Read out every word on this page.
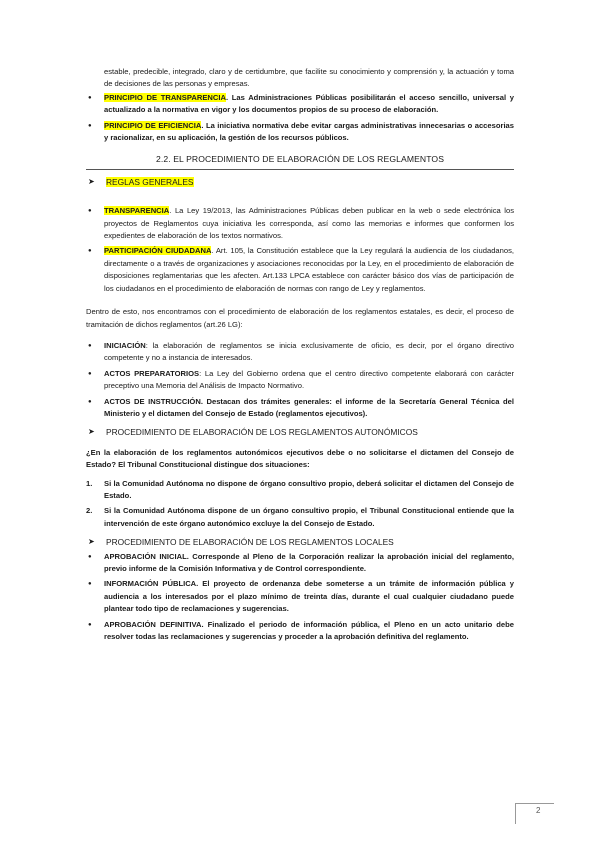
estable, predecible, integrado, claro y de certidumbre, que facilite su conocimiento y comprensión y, la actuación y toma de decisiones de las personas y empresas.

● PRINCIPIO DE TRANSPARENCIA. Las Administraciones Públicas posibilitarán el acceso sencillo, universal y actualizado a la normativa en vigor y los documentos propios de su proceso de elaboración.
● PRINCIPIO DE EFICIENCIA. La iniciativa normativa debe evitar cargas administrativas innecesarias o accesorias y racionalizar, en su aplicación, la gestión de los recursos públicos.
2.2. EL PROCEDIMIENTO DE ELABORACIÓN DE LOS REGLAMENTOS
➤ REGLAS GENERALES
● TRANSPARENCIA. La Ley 19/2013, las Administraciones Públicas deben publicar en la web o sede electrónica los proyectos de Reglamentos cuya iniciativa les corresponda, así como las memorias e informes que conformen los expedientes de elaboración de los textos normativos.
● PARTICIPACIÓN CIUDADANA. Art. 105, la Constitución establece que la Ley regulará la audiencia de los ciudadanos, directamente o a través de organizaciones y asociaciones reconocidas por la Ley, en el procedimiento de elaboración de disposiciones reglamentarias que les afecten. Art.133 LPCA establece con carácter básico dos vías de participación de los ciudadanos en el procedimiento de elaboración de normas con rango de Ley y reglamentos.

Dentro de esto, nos encontramos con el procedimiento de elaboración de los reglamentos estatales, es decir, el proceso de tramitación de dichos reglamentos (art.26 LG):

● INICIACIÓN: la elaboración de reglamentos se inicia exclusivamente de oficio, es decir, por el órgano directivo competente y no a instancia de interesados.
● ACTOS PREPARATORIOS: La Ley del Gobierno ordena que el centro directivo competente elaborará con carácter preceptivo una Memoria del Análisis de Impacto Normativo.
● ACTOS DE INSTRUCCIÓN. Destacan dos trámites generales: el informe de la Secretaría General Técnica del Ministerio y el dictamen del Consejo de Estado (reglamentos ejecutivos).
➤ PROCEDIMIENTO DE ELABORACIÓN DE LOS REGLAMENTOS AUTONÓMICOS

¿En la elaboración de los reglamentos autonómicos ejecutivos debe o no solicitarse el dictamen del Consejo de Estado? El Tribunal Constitucional distingue dos situaciones:

1. Si la Comunidad Autónoma no dispone de órgano consultivo propio, deberá solicitar el dictamen del Consejo de Estado.
2. Si la Comunidad Autónoma dispone de un órgano consultivo propio, el Tribunal Constitucional entiende que la intervención de este órgano autonómico excluye la del Consejo de Estado.
➤ PROCEDIMIENTO DE ELABORACIÓN DE LOS REGLAMENTOS LOCALES
● APROBACIÓN INICIAL. Corresponde al Pleno de la Corporación realizar la aprobación inicial del reglamento, previo informe de la Comisión Informativa y de Control correspondiente.
● INFORMACIÓN PÚBLICA. El proyecto de ordenanza debe someterse a un trámite de información pública y audiencia a los interesados por el plazo mínimo de treinta días, durante el cual cualquier ciudadano puede plantear todo tipo de reclamaciones y sugerencias.
● APROBACIÓN DEFINITIVA. Finalizado el periodo de información pública, el Pleno en un acto unitario debe resolver todas las reclamaciones y sugerencias y proceder a la aprobación definitiva del reglamento.
2
